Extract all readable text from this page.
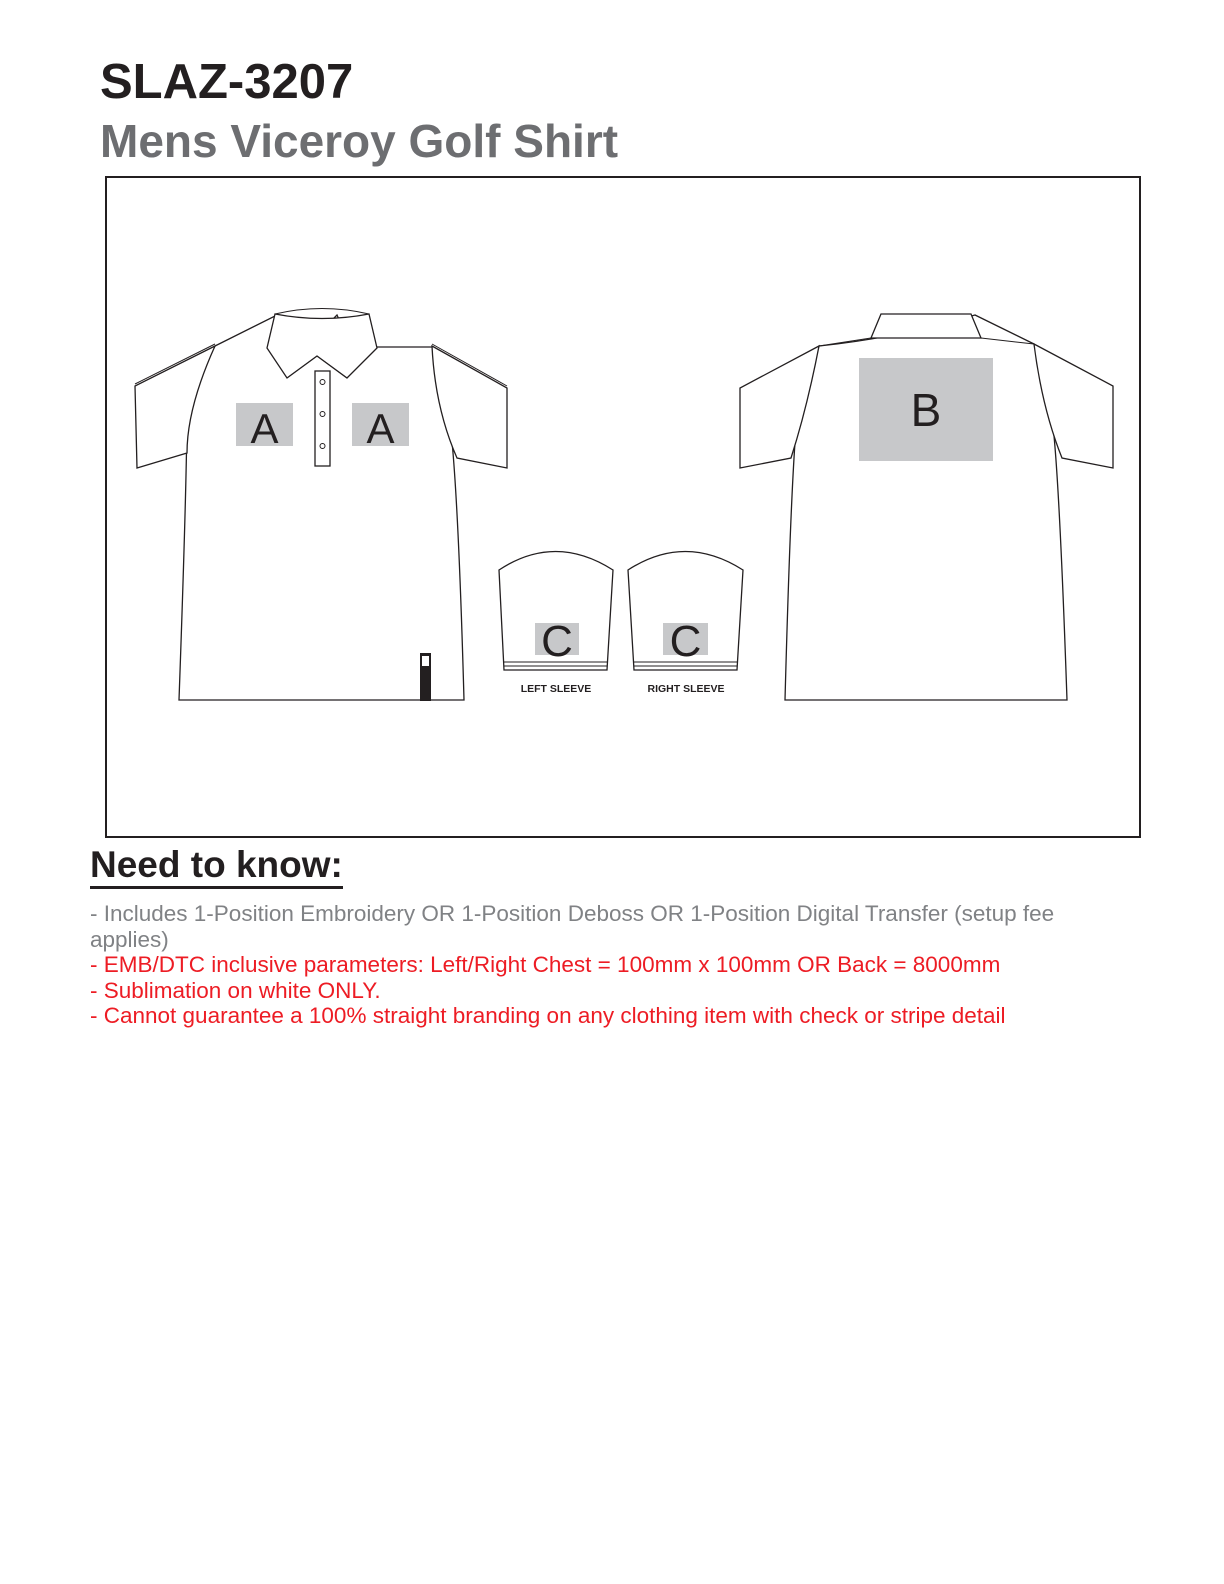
SLAZ-3207
Mens Viceroy Golf Shirt
A A
C
LEFT SLEEVE
C
RIGHT SLEEVE
B
Need to know:

- Includes 1-Position Embroidery OR 1-Position Deboss OR 1-Position Digital Transfer (setup fee applies)

- EMB/DTC inclusive parameters: Left/Right Chest = 100mm x 100mm OR Back = 8000mm

- Sublimation on white ONLY.

- Cannot guarantee a 100% straight branding on any clothing item with check or stripe detail
